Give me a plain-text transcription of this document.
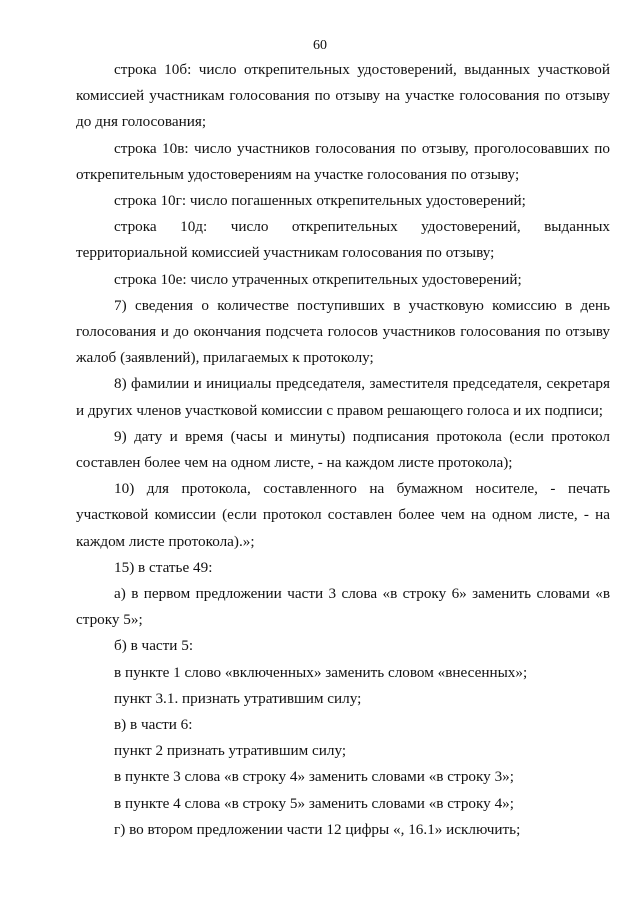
60

строка 10б: число открепительных удостоверений, выданных участковой комиссией участникам голосования по отзыву на участке голосования по отзыву до дня голосования;

строка 10в: число участников голосования по отзыву, проголосовавших по открепительным удостоверениям на участке голосования по отзыву;

строка 10г: число погашенных открепительных удостоверений;

строка 10д: число открепительных удостоверений, выданных территориальной комиссией участникам голосования по отзыву;

строка 10е: число утраченных открепительных удостоверений;

7) сведения о количестве поступивших в участковую комиссию в день голосования и до окончания подсчета голосов участников голосования по отзыву жалоб (заявлений), прилагаемых к протоколу;

8) фамилии и инициалы председателя, заместителя председателя, секретаря и других членов участковой комиссии с правом решающего голоса и их подписи;

9) дату и время (часы и минуты) подписания протокола (если протокол составлен более чем на одном листе, - на каждом листе протокола);

10) для протокола, составленного на бумажном носителе, - печать участковой комиссии (если протокол составлен более чем на одном листе, - на каждом листе протокола).»;

15) в статье 49:

а) в первом предложении части 3 слова «в строку 6» заменить словами «в строку 5»;

б) в части 5:

в пункте 1 слово «включенных» заменить словом «внесенных»;

пункт 3.1. признать утратившим силу;

в) в части 6:

пункт 2 признать утратившим силу;

в пункте 3 слова «в строку 4» заменить словами «в строку 3»;

в пункте 4 слова «в строку 5» заменить словами «в строку 4»;

г) во втором предложении части 12 цифры «, 16.1» исключить;
